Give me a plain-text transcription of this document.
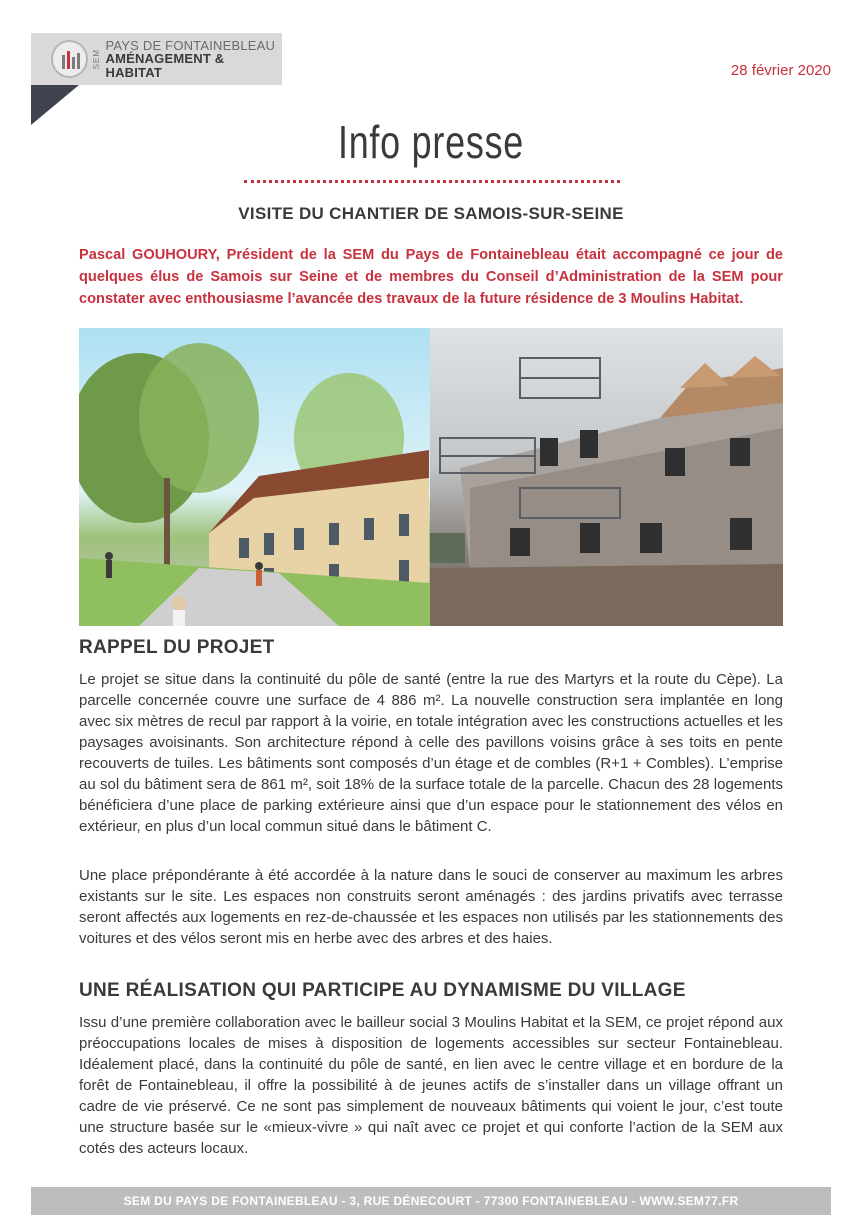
SEM
PAYS DE FONTAINEBLEAU
AMÉNAGEMENT & HABITAT	28 février 2020
Info presse
VISITE DU CHANTIER DE SAMOIS-SUR-SEINE
Pascal GOUHOURY, Président de la SEM du Pays de Fontainebleau était accompagné ce jour de quelques élus de Samois sur Seine et de membres du Conseil d’Administration de la SEM pour constater avec enthousiasme l’avancée des travaux de la future résidence de 3 Moulins Habitat.
RAPPEL DU PROJET

Le projet se situe dans la continuité du pôle de santé (entre la rue des Martyrs et la route du Cèpe). La parcelle concernée couvre une surface de 4 886 m². La nouvelle construction sera implantée en long avec six mètres de recul par rapport à la voirie, en totale intégration avec les constructions actuelles et les paysages avoisinants. Son architecture répond à celle des pavillons voisins grâce à ses toits en pente recouverts de tuiles. Les bâtiments sont composés d’un étage et de combles (R+1 + Combles). L’emprise au sol du bâtiment sera de 861 m², soit 18% de la surface totale de la parcelle. Chacun des 28 logements bénéficiera d’une place de parking extérieure ainsi que d’un espace pour le stationnement des vélos en extérieur, en plus d’un local commun situé dans le bâtiment C.

Une place prépondérante à été accordée à la nature dans le souci de conserver au maximum les arbres existants sur le site. Les espaces non construits seront aménagés : des jardins privatifs avec terrasse seront affectés aux logements en rez-de-chaussée et les espaces non utilisés par les stationnements des voitures et des vélos seront mis en herbe avec des arbres et des haies.

UNE RÉALISATION QUI PARTICIPE AU DYNAMISME DU VILLAGE

Issu d’une première collaboration avec le bailleur social 3 Moulins Habitat et la SEM, ce projet répond aux préoccupations locales de mises à disposition de logements accessibles sur secteur Fontainebleau. Idéalement placé, dans la continuité du pôle de santé, en lien avec le centre village et en bordure de la forêt de Fontainebleau, il offre la possibilité à de jeunes actifs de s’installer dans un village offrant un cadre de vie préservé. Ce ne sont pas simplement de nouveaux bâtiments qui voient le jour, c’est toute une structure basée sur le «mieux-vivre » qui naît avec ce projet et qui conforte l’action de la SEM aux cotés des acteurs locaux.

SEM DU PAYS DE FONTAINEBLEAU - 3, RUE DÉNECOURT - 77300 FONTAINEBLEAU - WWW.SEM77.FR
